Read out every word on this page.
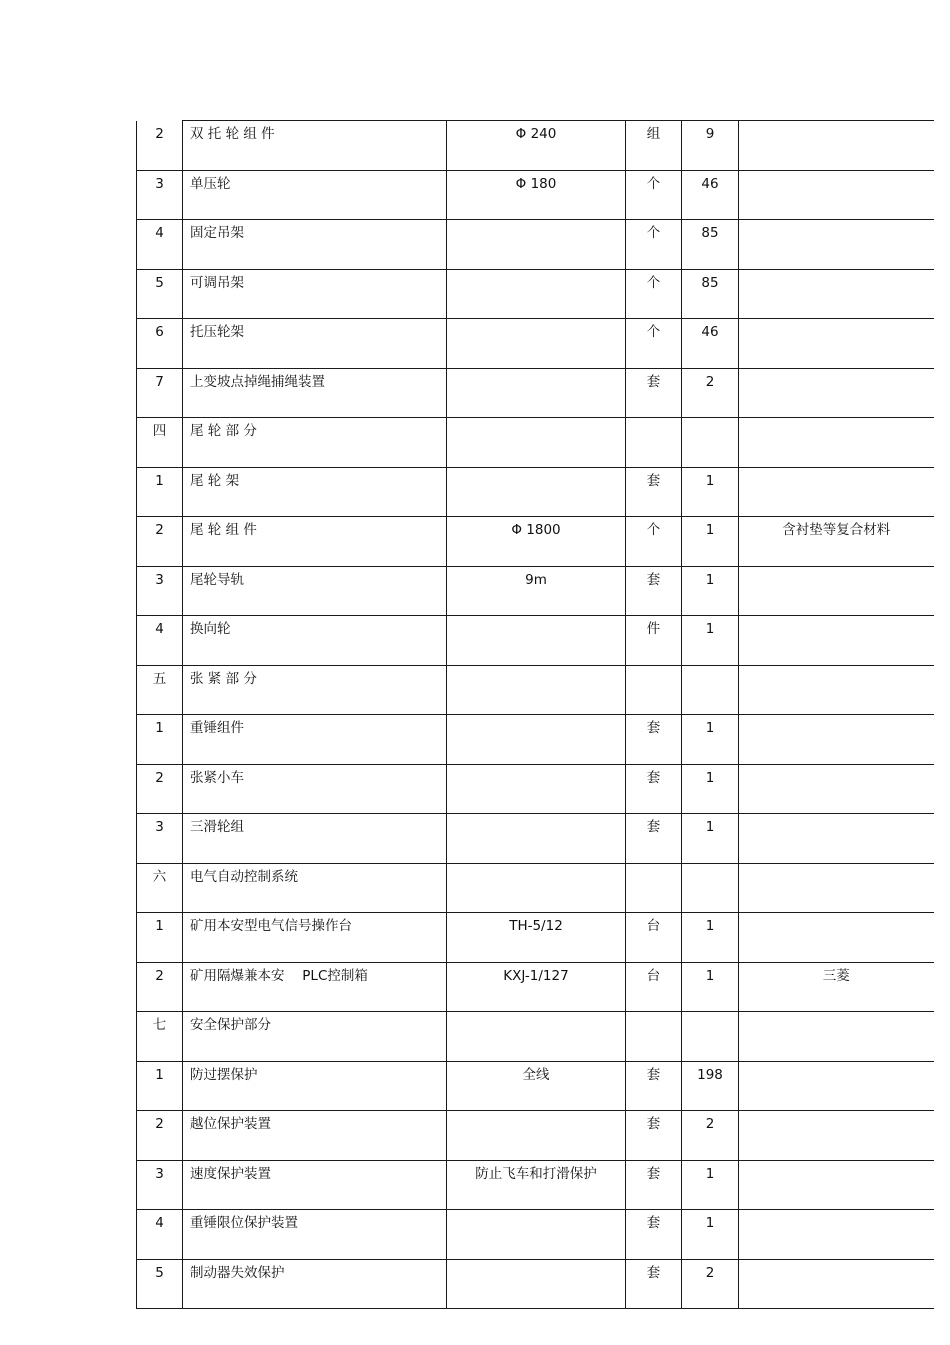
2	双 托 轮 组 件	Φ 240	组	9	
3	单压轮	Φ 180	个	46	
4	固定吊架		个	85	
5	可调吊架		个	85	
6	托压轮架		个	46	
7	上变坡点掉绳捕绳装置		套	2	
四	尾 轮 部 分				
1	尾 轮 架		套	1	
2	尾 轮 组 件	Φ 1800	个	1	含衬垫等复合材料
3	尾轮导轨	9m	套	1	
4	换向轮		件	1	
五	张 紧 部 分				
1	重锤组件		套	1	
2	张紧小车		套	1	
3	三滑轮组		套	1	
六	电气自动控制系统				
1	矿用本安型电气信号操作台	TH-5/12	台	1	
2	矿用隔爆兼本安　 PLC控制箱	KXJ-1/127	台	1	三菱
七	安全保护部分				
1	防过摆保护	全线	套	198	
2	越位保护装置		套	2	
3	速度保护装置	防止飞车和打滑保护	套	1	
4	重锤限位保护装置		套	1	
5	制动器失效保护		套	2	
